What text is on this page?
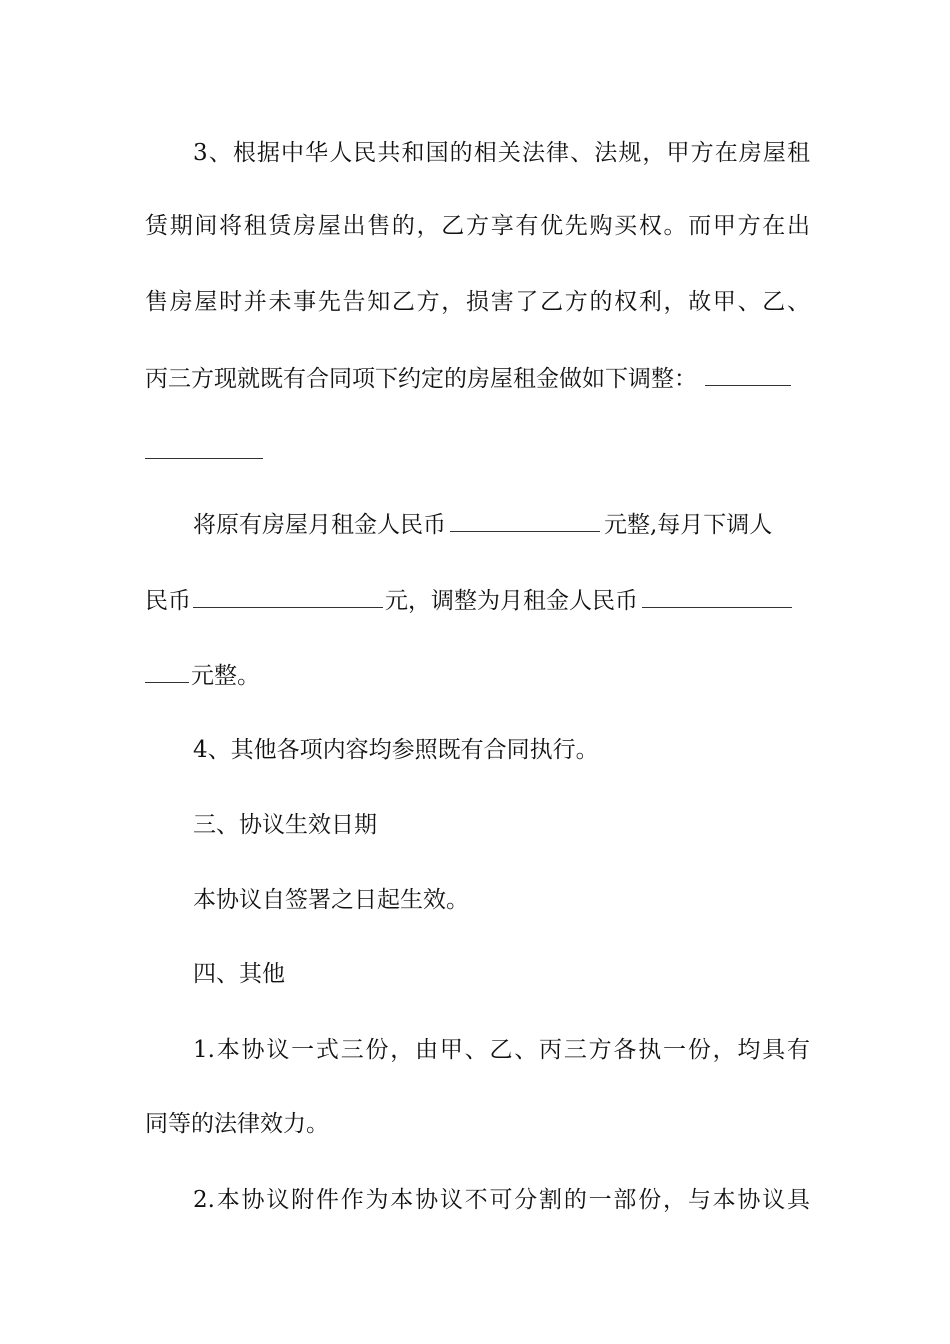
3、根据中华人民共和国的相关法律、法规，甲方在房屋租
赁期间将租赁房屋出售的，乙方享有优先购买权。而甲方在出
售房屋时并未事先告知乙方，损害了乙方的权利，故甲、乙、
丙三方现就既有合同项下约定的房屋租金做如下调整：
将原有房屋月租金人民币	元整,每月下调人
民币	元，调整为月租金人民币
元整。
4、其他各项内容均参照既有合同执行。
三、协议生效日期
本协议自签署之日起生效。
四、其他
1.本协议一式三份，由甲、乙、丙三方各执一份，均具有
同等的法律效力。
2.本协议附件作为本协议不可分割的一部份，与本协议具
